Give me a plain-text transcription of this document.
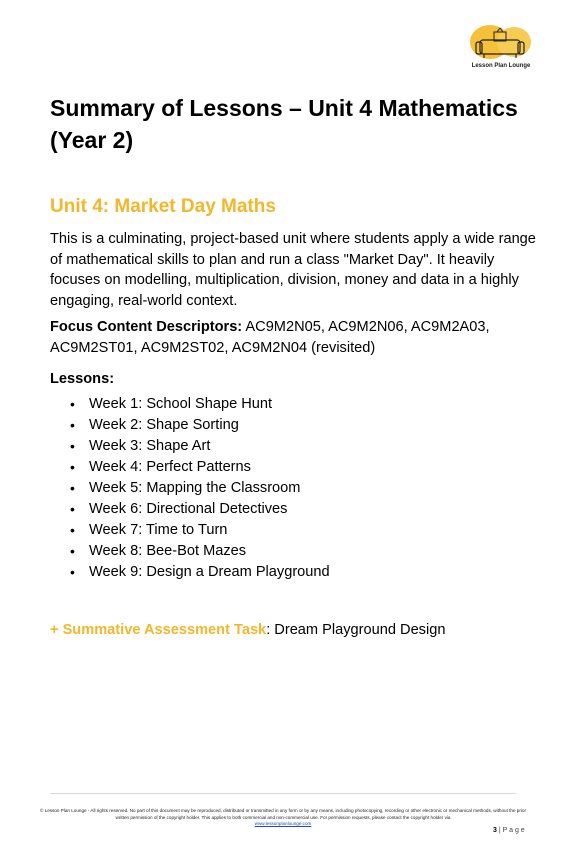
Lesson Plan Lounge
Summary of Lessons – Unit 4 Mathematics (Year 2)
Unit 4: Market Day Maths

This is a culminating, project-based unit where students apply a wide range of mathematical skills to plan and run a class "Market Day". It heavily focuses on modelling, multiplication, division, money and data in a highly engaging, real-world context.

Focus Content Descriptors: AC9M2N05, AC9M2N06, AC9M2A03, AC9M2ST01, AC9M2ST02, AC9M2N04 (revisited)

Lessons:

• Week 1: School Shape Hunt
• Week 2: Shape Sorting
• Week 3: Shape Art
• Week 4: Perfect Patterns
• Week 5: Mapping the Classroom
• Week 6: Directional Detectives
• Week 7: Time to Turn
• Week 8: Bee-Bot Mazes
• Week 9: Design a Dream Playground

+ Summative Assessment Task: Dream Playground Design

© Lesson Plan Lounge - All rights reserved. No part of this document may be reproduced, distributed or transmitted in any form or by any means, including photocopying, recording or other electronic or mechanical methods, without the prior written permission of the copyright holder. This applies to both commercial and non-commercial use. For permission requests, please contact the copyright holder via
www.lessonplanlounge.com
3 | P a g e
